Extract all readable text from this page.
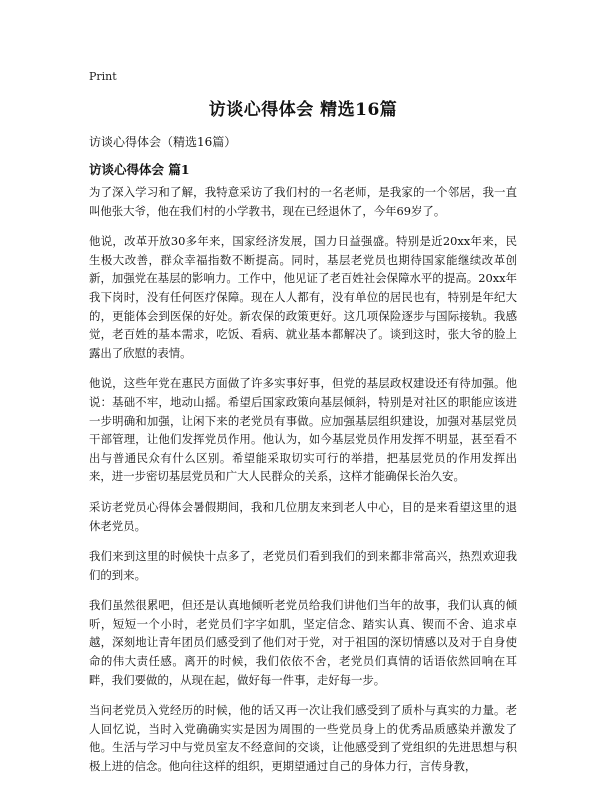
Print
访谈心得体会 精选16篇
访谈心得体会（精选16篇）
访谈心得体会 篇1

为了深入学习和了解，我特意采访了我们村的一名老师，是我家的一个邻居，我一直叫他张大爷，他在我们村的小学教书，现在已经退休了，今年69岁了。

他说，改革开放30多年来，国家经济发展，国力日益强盛。特别是近20xx年来，民生极大改善，群众幸福指数不断提高。同时，基层老党员也期待国家能继续改革创新，加强党在基层的影响力。工作中，他见证了老百姓社会保障水平的提高。20xx年我下岗时，没有任何医疗保障。现在人人都有，没有单位的居民也有，特别是年纪大的，更能体会到医保的好处。新农保的政策更好。这几项保险逐步与国际接轨。我感觉，老百姓的基本需求，吃饭、看病、就业基本都解决了。谈到这时，张大爷的脸上露出了欣慰的表情。

他说，这些年党在惠民方面做了许多实事好事，但党的基层政权建设还有待加强。他说：基础不牢，地动山摇。希望后国家政策向基层倾斜，特别是对社区的职能应该进一步明确和加强，让闲下来的老党员有事做。应加强基层组织建设，加强对基层党员干部管理，让他们发挥党员作用。他认为，如今基层党员作用发挥不明显，甚至看不出与普通民众有什么区别。希望能采取切实可行的举措，把基层党员的作用发挥出来，进一步密切基层党员和广大人民群众的关系，这样才能确保长治久安。

采访老党员心得体会暑假期间，我和几位朋友来到老人中心，目的是来看望这里的退休老党员。

我们来到这里的时候快十点多了，老党员们看到我们的到来都非常高兴，热烈欢迎我们的到来。

我们虽然很累吧，但还是认真地倾听老党员给我们讲他们当年的故事，我们认真的倾听，短短一个小时，老党员们字字如肌，坚定信念、踏实认真、锲而不舍、追求卓越，深刻地让青年团员们感受到了他们对于党，对于祖国的深切情感以及对于自身使命的伟大责任感。离开的时候，我们依依不舍，老党员们真情的话语依然回响在耳畔，我们要做的，从现在起，做好每一件事，走好每一步。

当问老党员入党经历的时候，他的话又再一次让我们感受到了质朴与真实的力量。老人回忆说，当时入党确确实实是因为周围的一些党员身上的优秀品质感染并激发了他。生活与学习中与党员室友不经意间的交谈，让他感受到了党组织的先进思想与积极上进的信念。他向往这样的组织，更期望通过自己的身体力行，言传身教，
